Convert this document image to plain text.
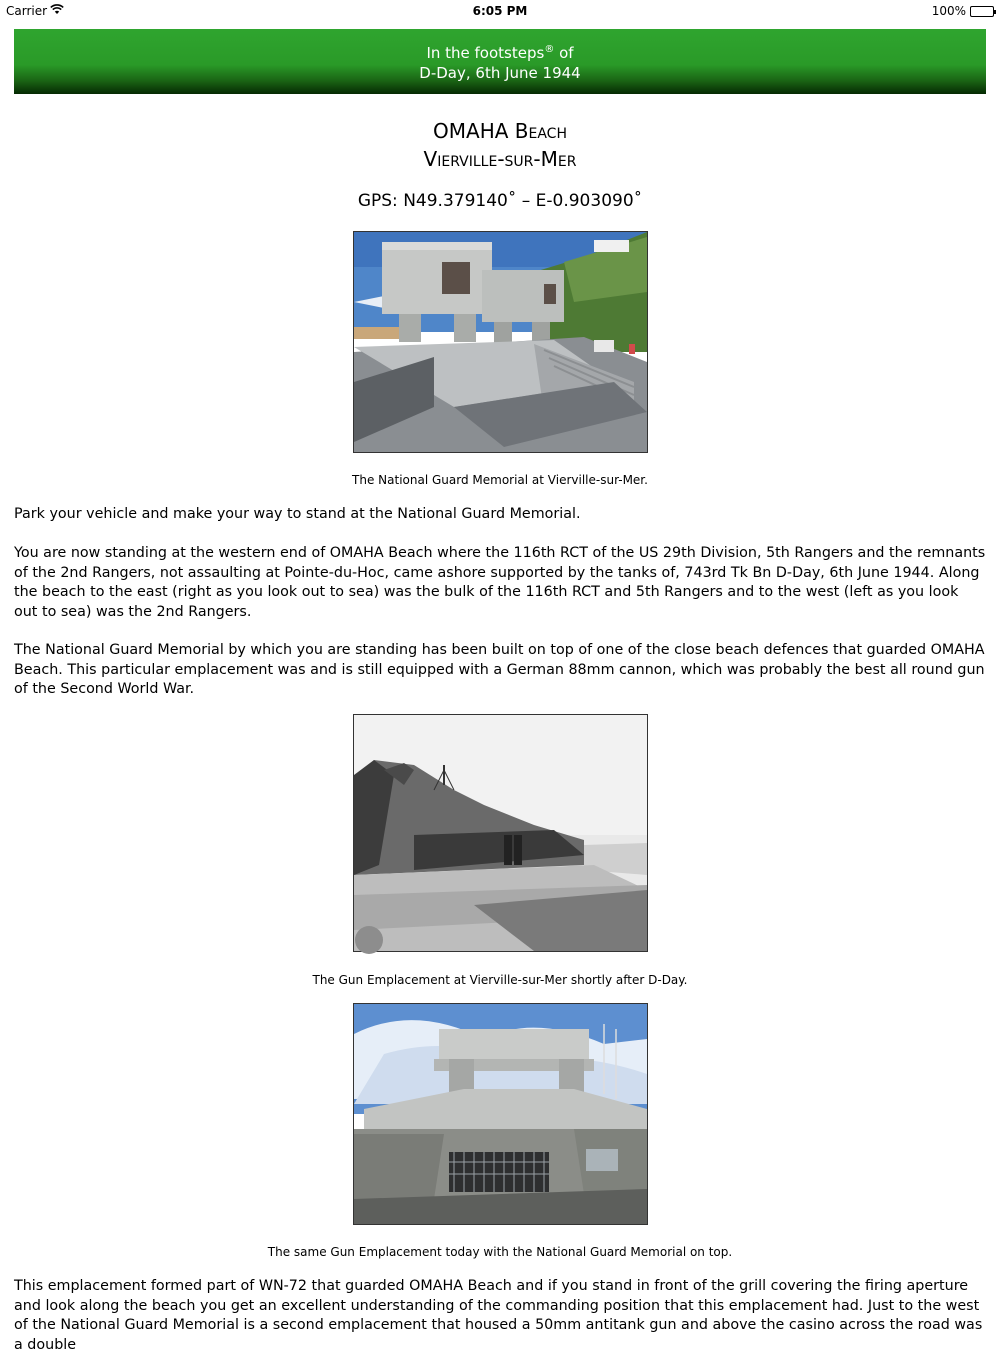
Carrier	6:05 PM	100%
In the footsteps® of
D-Day, 6th June 1944
OMAHA Beach
Vierville-sur-Mer
GPS: N49.379140˚ – E-0.903090˚
The National Guard Memorial at Vierville-sur-Mer.
Park your vehicle and make your way to stand at the National Guard Memorial.
You are now standing at the western end of OMAHA Beach where the 116th RCT of the US 29th Division, 5th Rangers and the remnants of the 2nd Rangers, not assaulting at Pointe-du-Hoc, came ashore supported by the tanks of, 743rd Tk Bn D-Day, 6th June 1944. Along the beach to the east (right as you look out to sea) was the bulk of the 116th RCT and 5th Rangers and to the west (left as you look out to sea) was the 2nd Rangers.
The National Guard Memorial by which you are standing has been built on top of one of the close beach defences that guarded OMAHA Beach. This particular emplacement was and is still equipped with a German 88mm cannon, which was probably the best all round gun of the Second World War.
The Gun Emplacement at Vierville-sur-Mer shortly after D-Day.
The same Gun Emplacement today with the National Guard Memorial on top.
This emplacement formed part of WN-72 that guarded OMAHA Beach and if you stand in front of the grill covering the firing aperture and look along the beach you get an excellent understanding of the commanding position that this emplacement had. Just to the west of the National Guard Memorial is a second emplacement that housed a 50mm antitank gun and above the casino across the road was a double
